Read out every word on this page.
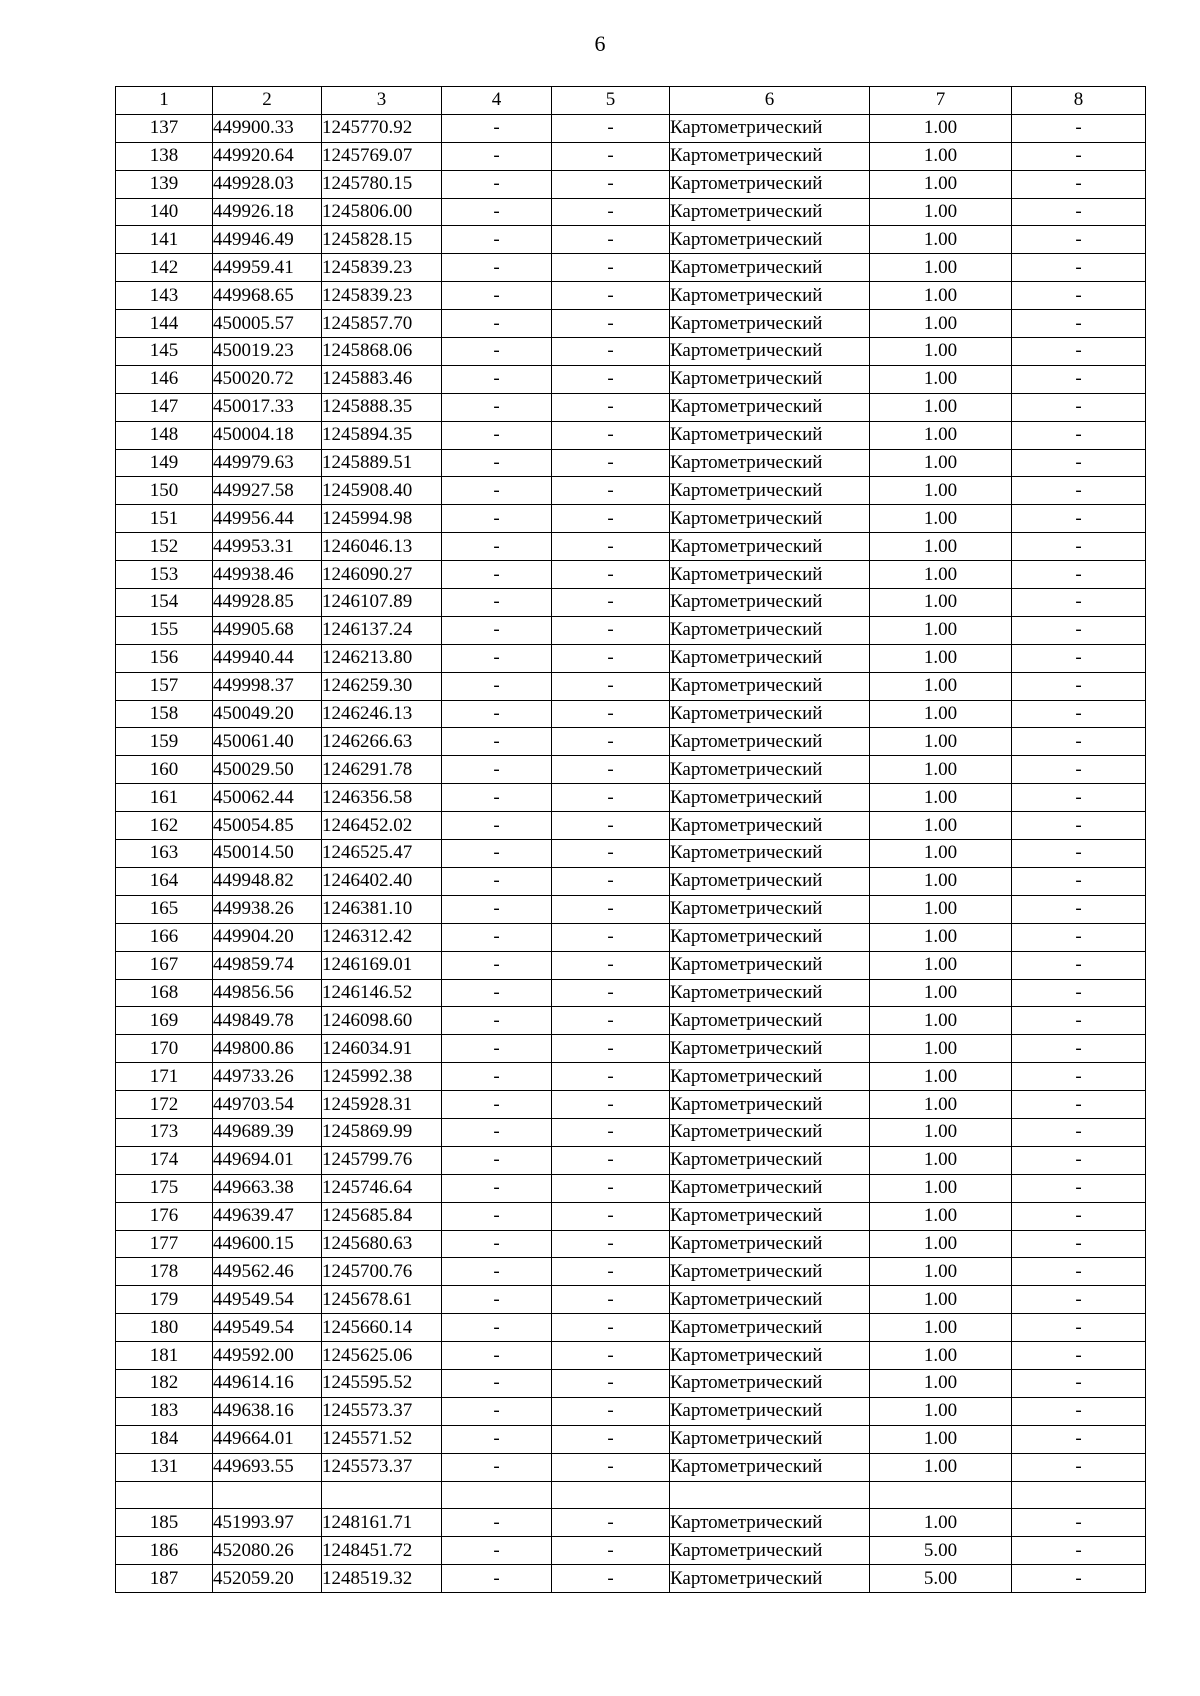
6
1	2	3	4	5	6	7	8
137	449900.33	1245770.92	-	-	Картометрический	1.00	-
138	449920.64	1245769.07	-	-	Картометрический	1.00	-
139	449928.03	1245780.15	-	-	Картометрический	1.00	-
140	449926.18	1245806.00	-	-	Картометрический	1.00	-
141	449946.49	1245828.15	-	-	Картометрический	1.00	-
142	449959.41	1245839.23	-	-	Картометрический	1.00	-
143	449968.65	1245839.23	-	-	Картометрический	1.00	-
144	450005.57	1245857.70	-	-	Картометрический	1.00	-
145	450019.23	1245868.06	-	-	Картометрический	1.00	-
146	450020.72	1245883.46	-	-	Картометрический	1.00	-
147	450017.33	1245888.35	-	-	Картометрический	1.00	-
148	450004.18	1245894.35	-	-	Картометрический	1.00	-
149	449979.63	1245889.51	-	-	Картометрический	1.00	-
150	449927.58	1245908.40	-	-	Картометрический	1.00	-
151	449956.44	1245994.98	-	-	Картометрический	1.00	-
152	449953.31	1246046.13	-	-	Картометрический	1.00	-
153	449938.46	1246090.27	-	-	Картометрический	1.00	-
154	449928.85	1246107.89	-	-	Картометрический	1.00	-
155	449905.68	1246137.24	-	-	Картометрический	1.00	-
156	449940.44	1246213.80	-	-	Картометрический	1.00	-
157	449998.37	1246259.30	-	-	Картометрический	1.00	-
158	450049.20	1246246.13	-	-	Картометрический	1.00	-
159	450061.40	1246266.63	-	-	Картометрический	1.00	-
160	450029.50	1246291.78	-	-	Картометрический	1.00	-
161	450062.44	1246356.58	-	-	Картометрический	1.00	-
162	450054.85	1246452.02	-	-	Картометрический	1.00	-
163	450014.50	1246525.47	-	-	Картометрический	1.00	-
164	449948.82	1246402.40	-	-	Картометрический	1.00	-
165	449938.26	1246381.10	-	-	Картометрический	1.00	-
166	449904.20	1246312.42	-	-	Картометрический	1.00	-
167	449859.74	1246169.01	-	-	Картометрический	1.00	-
168	449856.56	1246146.52	-	-	Картометрический	1.00	-
169	449849.78	1246098.60	-	-	Картометрический	1.00	-
170	449800.86	1246034.91	-	-	Картометрический	1.00	-
171	449733.26	1245992.38	-	-	Картометрический	1.00	-
172	449703.54	1245928.31	-	-	Картометрический	1.00	-
173	449689.39	1245869.99	-	-	Картометрический	1.00	-
174	449694.01	1245799.76	-	-	Картометрический	1.00	-
175	449663.38	1245746.64	-	-	Картометрический	1.00	-
176	449639.47	1245685.84	-	-	Картометрический	1.00	-
177	449600.15	1245680.63	-	-	Картометрический	1.00	-
178	449562.46	1245700.76	-	-	Картометрический	1.00	-
179	449549.54	1245678.61	-	-	Картометрический	1.00	-
180	449549.54	1245660.14	-	-	Картометрический	1.00	-
181	449592.00	1245625.06	-	-	Картометрический	1.00	-
182	449614.16	1245595.52	-	-	Картометрический	1.00	-
183	449638.16	1245573.37	-	-	Картометрический	1.00	-
184	449664.01	1245571.52	-	-	Картометрический	1.00	-
131	449693.55	1245573.37	-	-	Картометрический	1.00	-

185	451993.97	1248161.71	-	-	Картометрический	1.00	-
186	452080.26	1248451.72	-	-	Картометрический	5.00	-
187	452059.20	1248519.32	-	-	Картометрический	5.00	-
